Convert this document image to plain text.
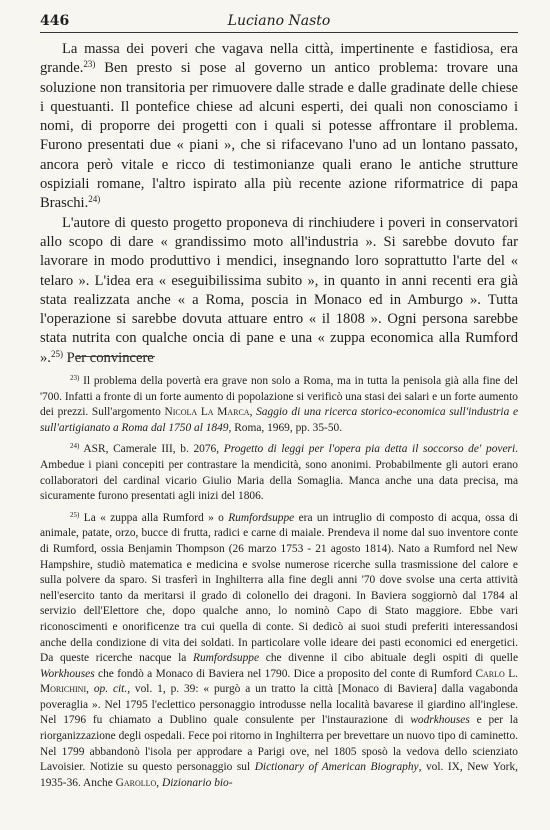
446	Luciano Nasto

La massa dei poveri che vagava nella città, impertinente e fastidiosa, era grande.$^{23)}$ Ben presto si pose al governo un antico problema: trovare una soluzione non transitoria per rimuovere dalle strade e dalle gradinate delle chiese i questuanti. Il pontefice chiese ad alcuni esperti, dei quali non conosciamo i nomi, di proporre dei progetti con i quali si potesse affrontare il problema. Furono presentati due « piani », che si rifacevano l'uno ad un lontano passato, ancora però vitale e ricco di testimonianze quali erano le antiche strutture ospiziali romane, l'altro ispirato alla più recente azione riformatrice di papa Braschi.$^{24)}$

L'autore di questo progetto proponeva di rinchiudere i poveri in conservatori allo scopo di dare « grandissimo moto all'industria ». Si sarebbe dovuto far lavorare in modo produttivo i mendici, insegnando loro soprattutto l'arte del « telaro ». L'idea era « eseguibilissima subito », in quanto in anni recenti era già stata realizzata anche « a Roma, poscia in Monaco ed in Amburgo ». Tutta l'operazione si sarebbe dovuta attuare entro « il 1808 ». Ogni persona sarebbe stata nutrita con qualche oncia di pane e una « zuppa economica alla Rumford ».$^{25)}$ Per convincere

$^{23)}$ Il problema della povertà era grave non solo a Roma, ma in tutta la penisola già alla fine del '700. Infatti a fronte di un forte aumento di popolazione si verificò una stasi dei salari e un forte aumento dei prezzi. Sull'argomento Nicola La Marca, Saggio di una ricerca storico-economica sull'industria e sull'artigianato a Roma dal 1750 al 1849, Roma, 1969, pp. 35-50.

$^{24)}$ ASR, Camerale III, b. 2076, Progetto di leggi per l'opera pia detta il soccorso de' poveri. Ambedue i piani concepiti per contrastare la mendicità, sono anonimi. Probabilmente gli autori erano collaboratori del cardinal vicario Giulio Maria della Somaglia. Manca anche una data precisa, ma sicuramente furono presentati agli inizi del 1806.

$^{25)}$ La « zuppa alla Rumford » o Rumfordsuppe era un intruglio di composto di acqua, ossa di animale, patate, orzo, bucce di frutta, radici e carne di maiale. Prendeva il nome dal suo inventore conte di Rumford, ossia Benjamin Thompson (26 marzo 1753 - 21 agosto 1814). Nato a Rumford nel New Hampshire, studiò matematica e medicina e svolse numerose ricerche sulla trasmissione del calore e sulla polvere da sparo. Si trasferì in Inghilterra alla fine degli anni '70 dove svolse una certa attività nell'esercito tanto da meritarsi il grado di colonello dei dragoni. In Baviera soggiornò dal 1784 al servizio dell'Elettore che, dopo qualche anno, lo nominò Capo di Stato maggiore. Ebbe vari riconoscimenti e onorificenze tra cui quella di conte. Si dedicò ai suoi studi preferiti interessandosi anche della condizione di vita dei soldati. In particolare volle ideare dei pasti economici ed energetici. Da queste ricerche nacque la Rumfordsuppe che divenne il cibo abituale degli ospiti di quelle Workhouses che fondò a Monaco di Baviera nel 1790. Dice a proposito del conte di Rumford Carlo L. Morichini, op. cit., vol. 1, p. 39: « purgò a un tratto la città [Monaco di Baviera] dalla vagabonda poveraglia ». Nel 1795 l'eclettico personaggio introdusse nella località bavarese il giardino all'inglese. Nel 1796 fu chiamato a Dublino quale consulente per l'instaurazione di wodrkhouses e per la riorganizzazione degli ospedali. Fece poi ritorno in Inghilterra per brevettare un nuovo tipo di caminetto. Nel 1799 abbandonò l'isola per approdare a Parigi ove, nel 1805 sposò la vedova dello scienziato Lavoisier. Notizie su questo personaggio sul Dictionary of American Biography, vol. IX, New York, 1935-36. Anche Garollo, Dizionario bio-
